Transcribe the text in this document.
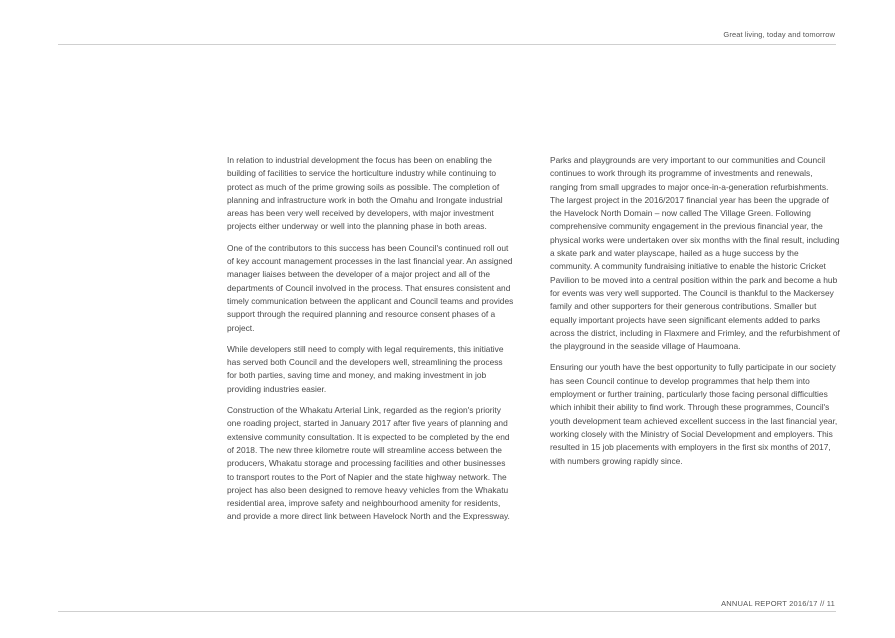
Great living, today and tomorrow

In relation to industrial development the focus has been on enabling the building of facilities to service the horticulture industry while continuing to protect as much of the prime growing soils as possible. The completion of planning and infrastructure work in both the Omahu and Irongate industrial areas has been very well received by developers, with major investment projects either underway or well into the planning phase in both areas.

One of the contributors to this success has been Council's continued roll out of key account management processes in the last financial year. An assigned manager liaises between the developer of a major project and all of the departments of Council involved in the process. That ensures consistent and timely communication between the applicant and Council teams and provides support through the required planning and resource consent phases of a project.

While developers still need to comply with legal requirements, this initiative has served both Council and the developers well, streamlining the process for both parties, saving time and money, and making investment in job providing industries easier.

Construction of the Whakatu Arterial Link, regarded as the region's priority one roading project, started in January 2017 after five years of planning and extensive community consultation. It is expected to be completed by the end of 2018. The new three kilometre route will streamline access between the producers, Whakatu storage and processing facilities and other businesses to transport routes to the Port of Napier and the state highway network. The project has also been designed to remove heavy vehicles from the Whakatu residential area, improve safety and neighbourhood amenity for residents, and provide a more direct link between Havelock North and the Expressway.

Parks and playgrounds are very important to our communities and Council continues to work through its programme of investments and renewals, ranging from small upgrades to major once-in-a-generation refurbishments. The largest project in the 2016/2017 financial year has been the upgrade of the Havelock North Domain – now called The Village Green. Following comprehensive community engagement in the previous financial year, the physical works were undertaken over six months with the final result, including a skate park and water playscape, hailed as a huge success by the community. A community fundraising initiative to enable the historic Cricket Pavilion to be moved into a central position within the park and become a hub for events was very well supported. The Council is thankful to the Mackersey family and other supporters for their generous contributions. Smaller but equally important projects have seen significant elements added to parks across the district, including in Flaxmere and Frimley, and the refurbishment of the playground in the seaside village of Haumoana.

Ensuring our youth have the best opportunity to fully participate in our society has seen Council continue to develop programmes that help them into employment or further training, particularly those facing personal difficulties which inhibit their ability to find work. Through these programmes, Council's youth development team achieved excellent success in the last financial year, working closely with the Ministry of Social Development and employers. This resulted in 15 job placements with employers in the first six months of 2017, with numbers growing rapidly since.

ANNUAL REPORT 2016/17 // 11
